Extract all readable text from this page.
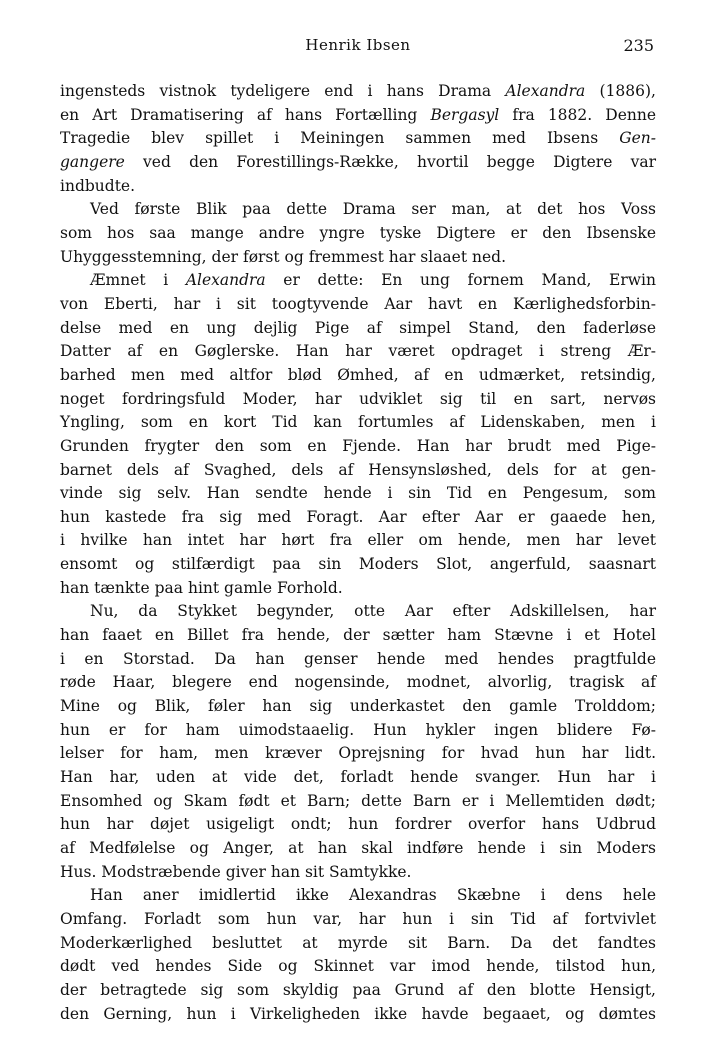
Henrik Ibsen	235
ingensteds vistnok tydeligere end i hans Drama Alexandra (1886),
en Art Dramatisering af hans Fortælling Bergasyl fra 1882. Denne
Tragedie blev spillet i Meiningen sammen med Ibsens Gen-
gangere ved den Forestillings-Række, hvortil begge Digtere var
indbudte.
Ved første Blik paa dette Drama ser man, at det hos Voss
som hos saa mange andre yngre tyske Digtere er den Ibsenske
Uhyggesstemning, der først og fremmest har slaaet ned.
Æmnet i Alexandra er dette: En ung fornem Mand, Erwin
von Eberti, har i sit toogtyvende Aar havt en Kærlighedsforbin-
delse med en ung dejlig Pige af simpel Stand, den faderløse
Datter af en Gøglerske. Han har været opdraget i streng Ær-
barhed men med altfor blød Ømhed, af en udmærket, retsindig,
noget fordringsfuld Moder, har udviklet sig til en sart, nervøs
Yngling, som en kort Tid kan fortumles af Lidenskaben, men i
Grunden frygter den som en Fjende. Han har brudt med Pige-
barnet dels af Svaghed, dels af Hensynsløshed, dels for at gen-
vinde sig selv. Han sendte hende i sin Tid en Pengesum, som
hun kastede fra sig med Foragt. Aar efter Aar er gaaede hen,
i hvilke han intet har hørt fra eller om hende, men har levet
ensomt og stilfærdigt paa sin Moders Slot, angerfuld, saasnart
han tænkte paa hint gamle Forhold.
Nu, da Stykket begynder, otte Aar efter Adskillelsen, har
han faaet en Billet fra hende, der sætter ham Stævne i et Hotel
i en Storstad. Da han genser hende med hendes pragtfulde
røde Haar, blegere end nogensinde, modnet, alvorlig, tragisk af
Mine og Blik, føler han sig underkastet den gamle Trolddom;
hun er for ham uimodstaaelig. Hun hykler ingen blidere Fø-
lelser for ham, men kræver Oprejsning for hvad hun har lidt.
Han har, uden at vide det, forladt hende svanger. Hun har i
Ensomhed og Skam født et Barn; dette Barn er i Mellemtiden dødt;
hun har døjet usigeligt ondt; hun fordrer overfor hans Udbrud
af Medfølelse og Anger, at han skal indføre hende i sin Moders
Hus. Modstræbende giver han sit Samtykke.
Han aner imidlertid ikke Alexandras Skæbne i dens hele
Omfang. Forladt som hun var, har hun i sin Tid af fortvivlet
Moderkærlighed besluttet at myrde sit Barn. Da det fandtes
dødt ved hendes Side og Skinnet var imod hende, tilstod hun,
der betragtede sig som skyldig paa Grund af den blotte Hensigt,
den Gerning, hun i Virkeligheden ikke havde begaaet, og dømtes
